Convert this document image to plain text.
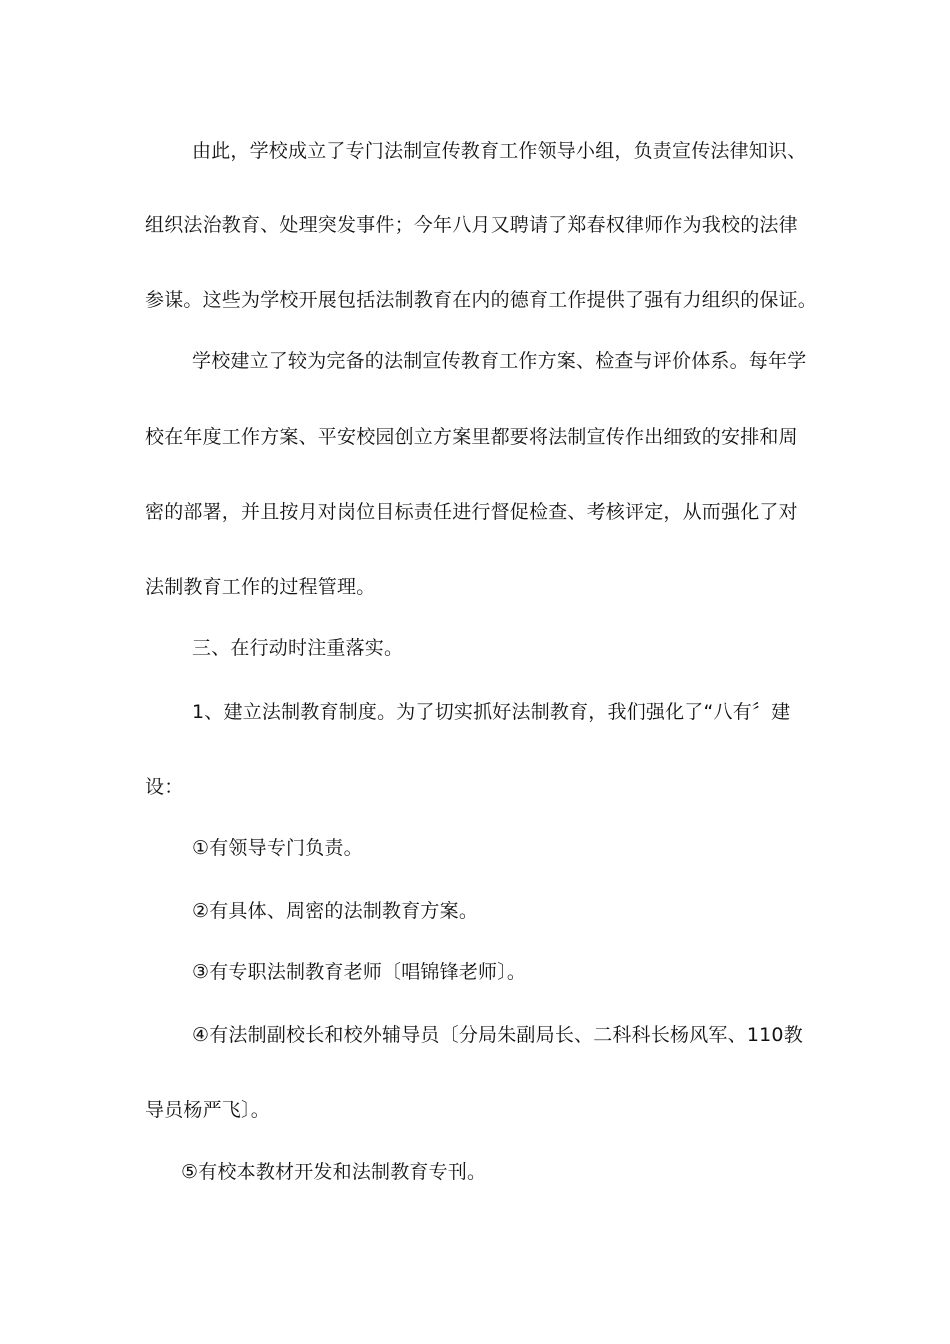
由此，学校成立了专门法制宣传教育工作领导小组，负责宣传法律知识、
组织法治教育、处理突发事件；今年八月又聘请了郑春权律师作为我校的法律
参谋。这些为学校开展包括法制教育在内的德育工作提供了强有力组织的保证。
学校建立了较为完备的法制宣传教育工作方案、检查与评价体系。每年学
校在年度工作方案、平安校园创立方案里都要将法制宣传作出细致的安排和周
密的部署，并且按月对岗位目标责任进行督促检查、考核评定，从而强化了对
法制教育工作的过程管理。
三、在行动时注重落实。
1、建立法制教育制度。为了切实抓好法制教育，我们强化了“八有〞建
设：
①有领导专门负责。
②有具体、周密的法制教育方案。
③有专职法制教育老师〔唱锦锋老师〕。
④有法制副校长和校外辅导员〔分局朱副局长、二科科长杨风军、110教
导员杨严飞〕。
⑤有校本教材开发和法制教育专刊。
